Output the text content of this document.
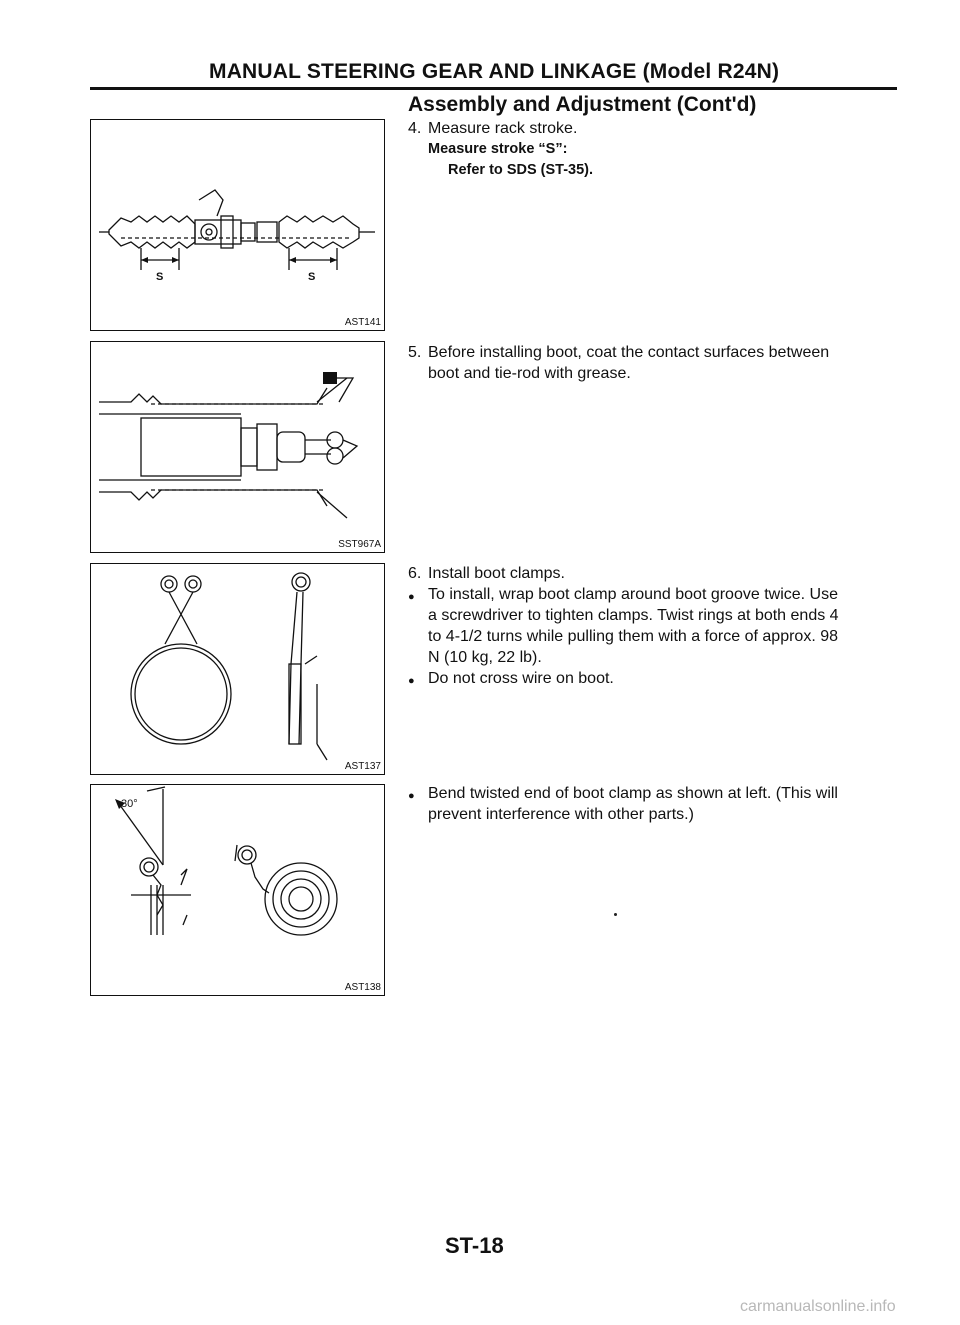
MANUAL STEERING GEAR AND LINKAGE (Model R24N)
Assembly and Adjustment (Cont'd)
S	S
AST141
4. Measure rack stroke.
Measure stroke “S”:
Refer to SDS (ST-35).
SST967A
5. Before installing boot, coat the contact surfaces between
boot and tie-rod with grease.
AST137
6. Install boot clamps.
● To install, wrap boot clamp around boot groove twice. Use
a screwdriver to tighten clamps. Twist rings at both ends 4
to 4-1/2 turns while pulling them with a force of approx. 98
N (10 kg, 22 lb).
● Do not cross wire on boot.
30°
AST138
● Bend twisted end of boot clamp as shown at left. (This will
prevent interference with other parts.)
ST-18
carmanualsonline.info
